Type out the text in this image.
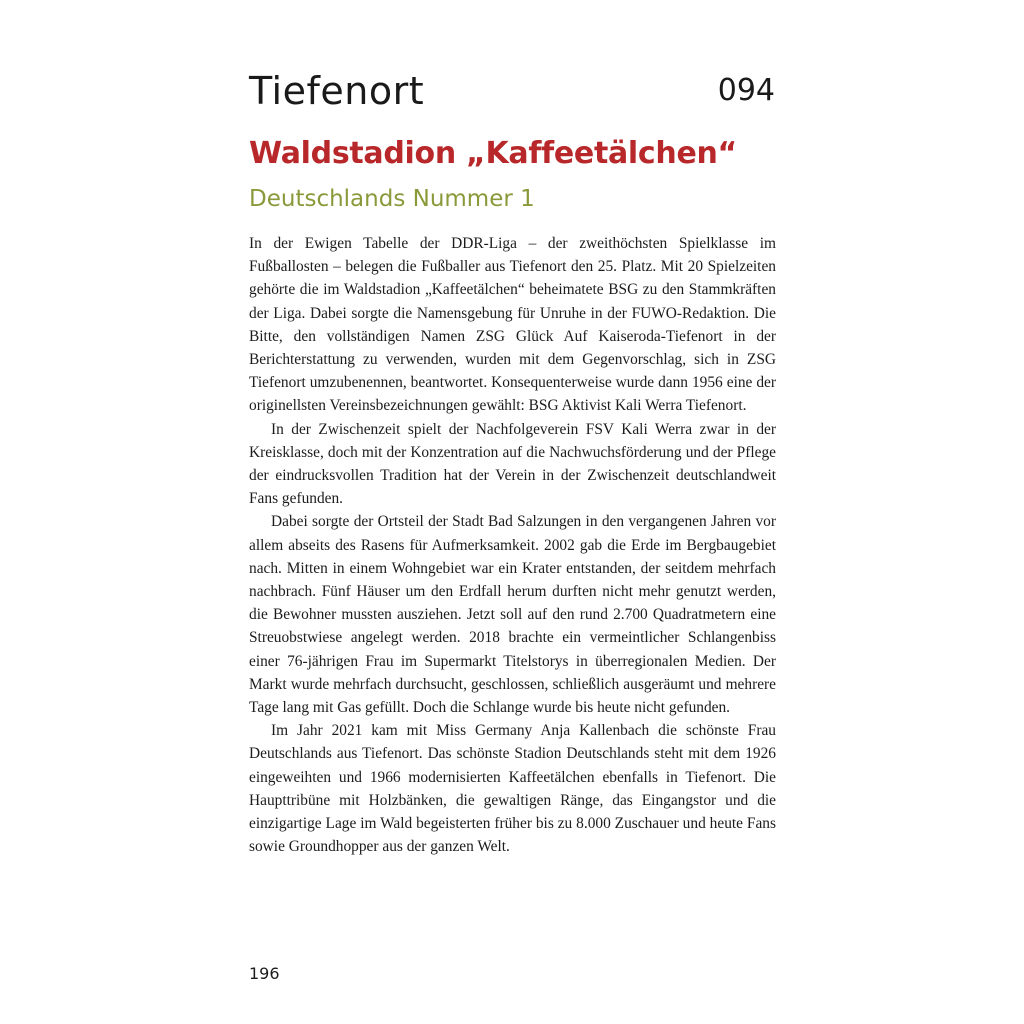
Tiefenort	094
Waldstadion „Kaffeetälchen“
Deutschlands Nummer 1

In der Ewigen Tabelle der DDR-Liga – der zweithöchsten Spielklasse im Fußballosten – belegen die Fußballer aus Tiefenort den 25. Platz. Mit 20 Spielzeiten gehörte die im Waldstadion „Kaffeetälchen“ beheimatete BSG zu den Stammkräften der Liga. Dabei sorgte die Namensgebung für Unruhe in der FUWO-Redaktion. Die Bitte, den vollständigen Namen ZSG Glück Auf Kaiseroda-Tiefenort in der Berichterstattung zu verwenden, wurden mit dem Gegenvorschlag, sich in ZSG Tiefenort umzubenennen, beantwortet. Konsequenterweise wurde dann 1956 eine der originellsten Vereinsbezeichnungen gewählt: BSG Aktivist Kali Werra Tiefenort.

In der Zwischenzeit spielt der Nachfolgeverein FSV Kali Werra zwar in der Kreisklasse, doch mit der Konzentration auf die Nachwuchsförderung und der Pflege der eindrucksvollen Tradition hat der Verein in der Zwischenzeit deutschlandweit Fans gefunden.

Dabei sorgte der Ortsteil der Stadt Bad Salzungen in den vergangenen Jahren vor allem abseits des Rasens für Aufmerksamkeit. 2002 gab die Erde im Bergbaugebiet nach. Mitten in einem Wohngebiet war ein Krater entstanden, der seitdem mehrfach nachbrach. Fünf Häuser um den Erdfall herum durften nicht mehr genutzt werden, die Bewohner mussten ausziehen. Jetzt soll auf den rund 2.700 Quadratmetern eine Streuobstwiese angelegt werden. 2018 brachte ein vermeintlicher Schlangenbiss einer 76-jährigen Frau im Supermarkt Titelstorys in überregionalen Medien. Der Markt wurde mehrfach durchsucht, geschlossen, schließlich ausgeräumt und mehrere Tage lang mit Gas gefüllt. Doch die Schlange wurde bis heute nicht gefunden.

Im Jahr 2021 kam mit Miss Germany Anja Kallenbach die schönste Frau Deutschlands aus Tiefenort. Das schönste Stadion Deutschlands steht mit dem 1926 eingeweihten und 1966 modernisierten Kaffeetälchen ebenfalls in Tiefenort. Die Haupttribüne mit Holzbänken, die gewaltigen Ränge, das Eingangstor und die einzigartige Lage im Wald begeisterten früher bis zu 8.000 Zuschauer und heute Fans sowie Groundhopper aus der ganzen Welt.

196
